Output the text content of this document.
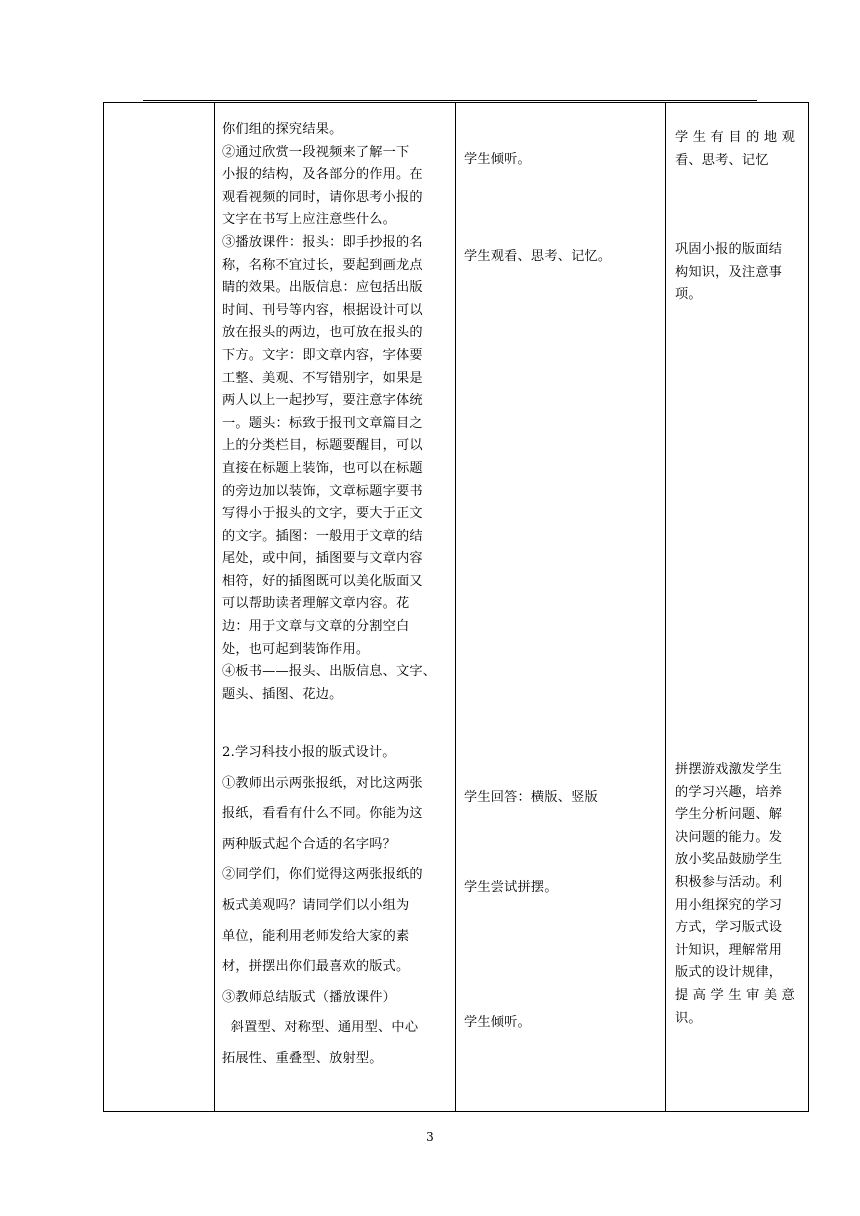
你们组的探究结果。

②通过欣赏一段视频来了解一下

小报的结构，及各部分的作用。在

观看视频的同时，请你思考小报的

文字在书写上应注意些什么。

③播放课件：报头：即手抄报的名

称，名称不宜过长，要起到画龙点

睛的效果。出版信息：应包括出版

时间、刊号等内容，根据设计可以

放在报头的两边，也可放在报头的

下方。文字：即文章内容，字体要

工整、美观、不写错别字，如果是

两人以上一起抄写，要注意字体统

一。题头：标致于报刊文章篇目之

上的分类栏目，标题要醒目，可以

直接在标题上装饰，也可以在标题

的旁边加以装饰，文章标题字要书

写得小于报头的文字，要大于正文

的文字。插图：一般用于文章的结

尾处，或中间，插图要与文章内容

相符，好的插图既可以美化版面又

可以帮助读者理解文章内容。花

边：用于文章与文章的分割空白

处，也可起到装饰作用。

④板书——报头、出版信息、文字、

题头、插图、花边。

2.学习科技小报的版式设计。

①教师出示两张报纸，对比这两张

报纸，看看有什么不同。你能为这

两种版式起个合适的名字吗？

②同学们，你们觉得这两张报纸的

板式美观吗？请同学们以小组为

单位，能利用老师发给大家的素

材，拼摆出你们最喜欢的版式。

③教师总结版式（播放课件）

斜置型、对称型、通用型、中心

拓展性、重叠型、放射型。

学生倾听。

学生观看、思考、记忆。

学生回答：横版、竖版

学生尝试拼摆。

学生倾听。

学 生 有 目 的 地 观

看、思考、记忆

巩固小报的版面结

构知识，及注意事

项。

拼摆游戏激发学生

的学习兴趣，培养

学生分析问题、解

决问题的能力。发

放小奖品鼓励学生

积极参与活动。利

用小组探究的学习

方式，学习版式设

计知识，理解常用

版式的设计规律，

提 高 学 生 审 美 意

识。

3
